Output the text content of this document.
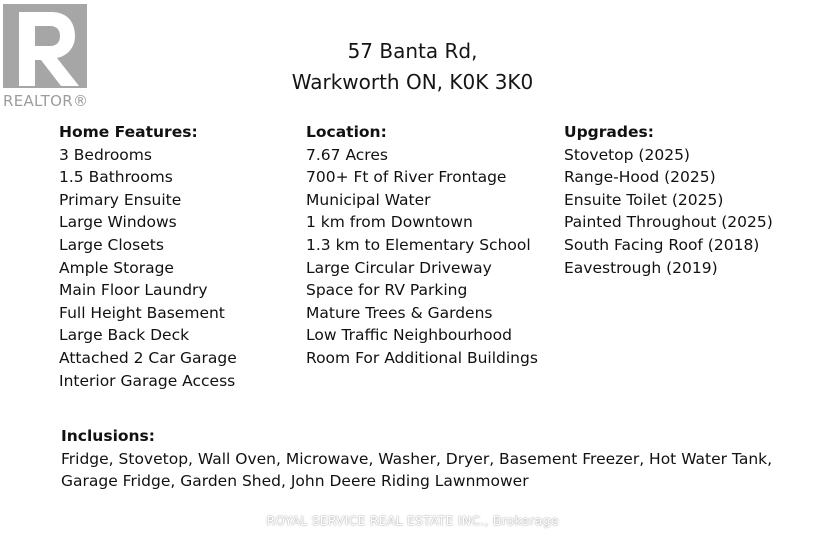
REALTOR®
57 Banta Rd,
Warkworth ON, K0K 3K0
Home Features:
3 Bedrooms
1.5 Bathrooms
Primary Ensuite
Large Windows
Large Closets
Ample Storage
Main Floor Laundry
Full Height Basement
Large Back Deck
Attached 2 Car Garage
Interior Garage Access
Location:
7.67 Acres
700+ Ft of River Frontage
Municipal Water
1 km from Downtown
1.3 km to Elementary School
Large Circular Driveway
Space for RV Parking
Mature Trees & Gardens
Low Traffic Neighbourhood
Room For Additional Buildings
Upgrades:
Stovetop (2025)
Range-Hood (2025)
Ensuite Toilet (2025)
Painted Throughout (2025)
South Facing Roof (2018)
Eavestrough (2019)
Inclusions:
Fridge, Stovetop, Wall Oven, Microwave, Washer, Dryer, Basement Freezer, Hot Water Tank,
Garage Fridge, Garden Shed, John Deere Riding Lawnmower
ROYAL SERVICE REAL ESTATE INC., Brokerage
